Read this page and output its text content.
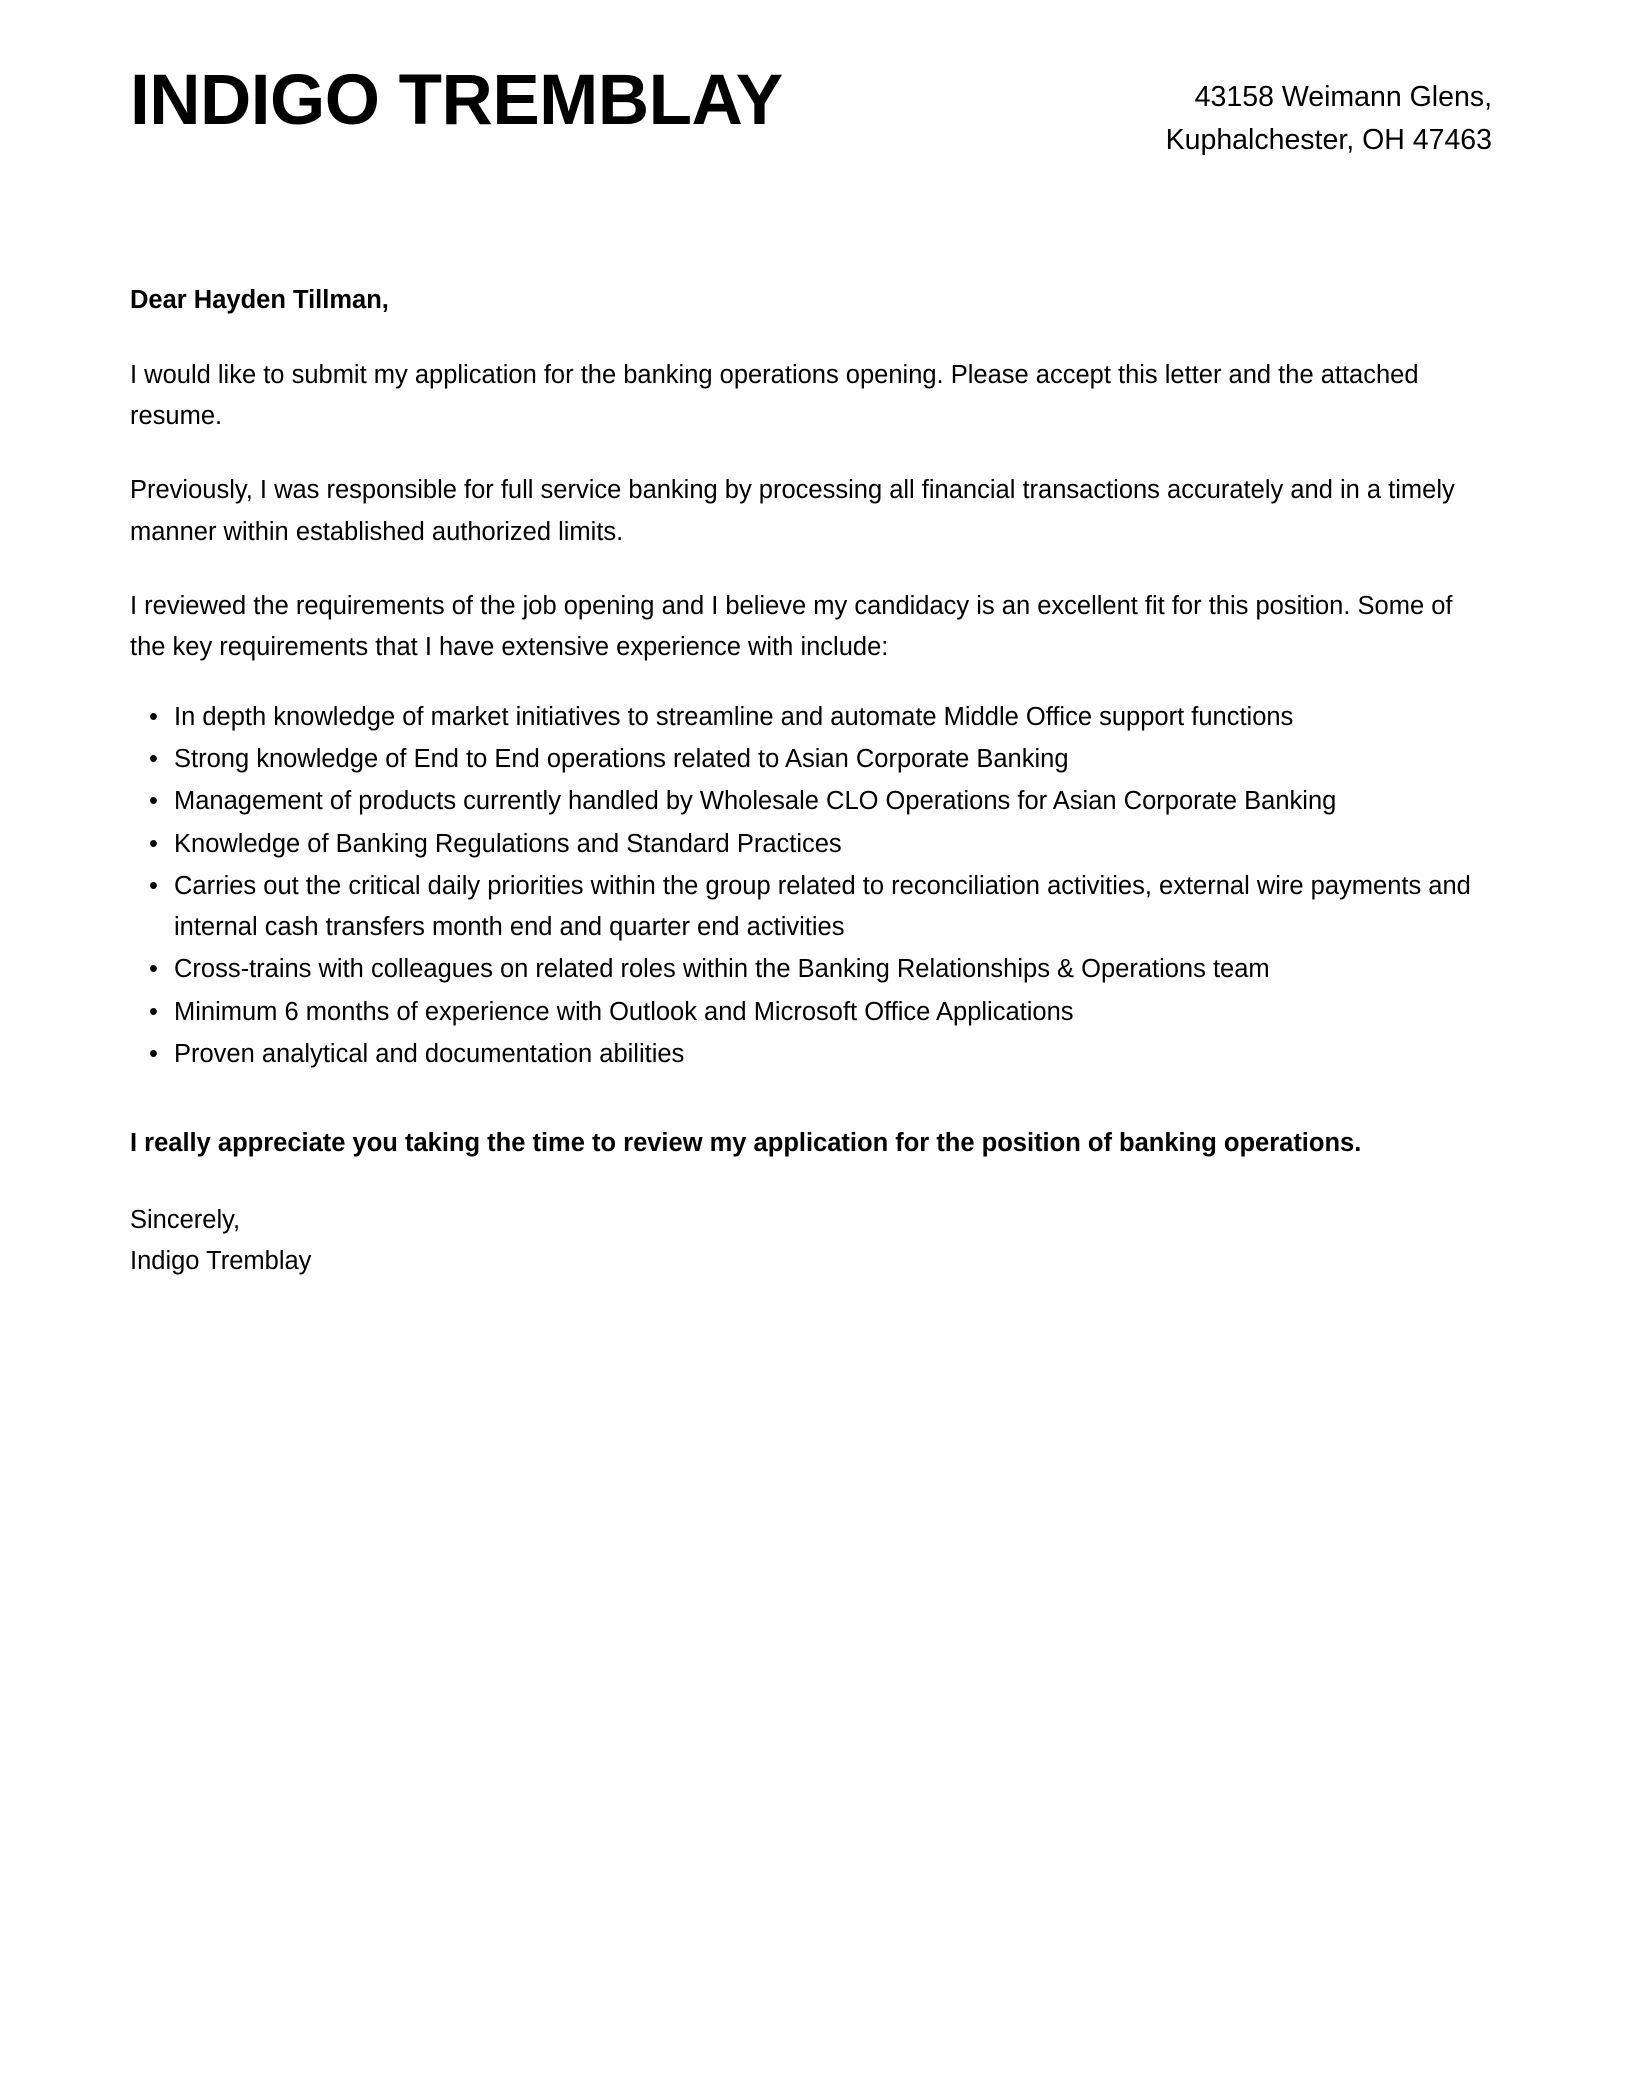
INDIGO TREMBLAY	43158 Weimann Glens,
Kuphalchester, OH 47463

Dear Hayden Tillman,

I would like to submit my application for the banking operations opening. Please accept this letter and the attached resume.

Previously, I was responsible for full service banking by processing all financial transactions accurately and in a timely manner within established authorized limits.

I reviewed the requirements of the job opening and I believe my candidacy is an excellent fit for this position. Some of the key requirements that I have extensive experience with include:

• In depth knowledge of market initiatives to streamline and automate Middle Office support functions
• Strong knowledge of End to End operations related to Asian Corporate Banking
• Management of products currently handled by Wholesale CLO Operations for Asian Corporate Banking
• Knowledge of Banking Regulations and Standard Practices
• Carries out the critical daily priorities within the group related to reconciliation activities, external wire payments and internal cash transfers month end and quarter end activities
• Cross-trains with colleagues on related roles within the Banking Relationships & Operations team
• Minimum 6 months of experience with Outlook and Microsoft Office Applications
• Proven analytical and documentation abilities

I really appreciate you taking the time to review my application for the position of banking operations.

Sincerely,
Indigo Tremblay
